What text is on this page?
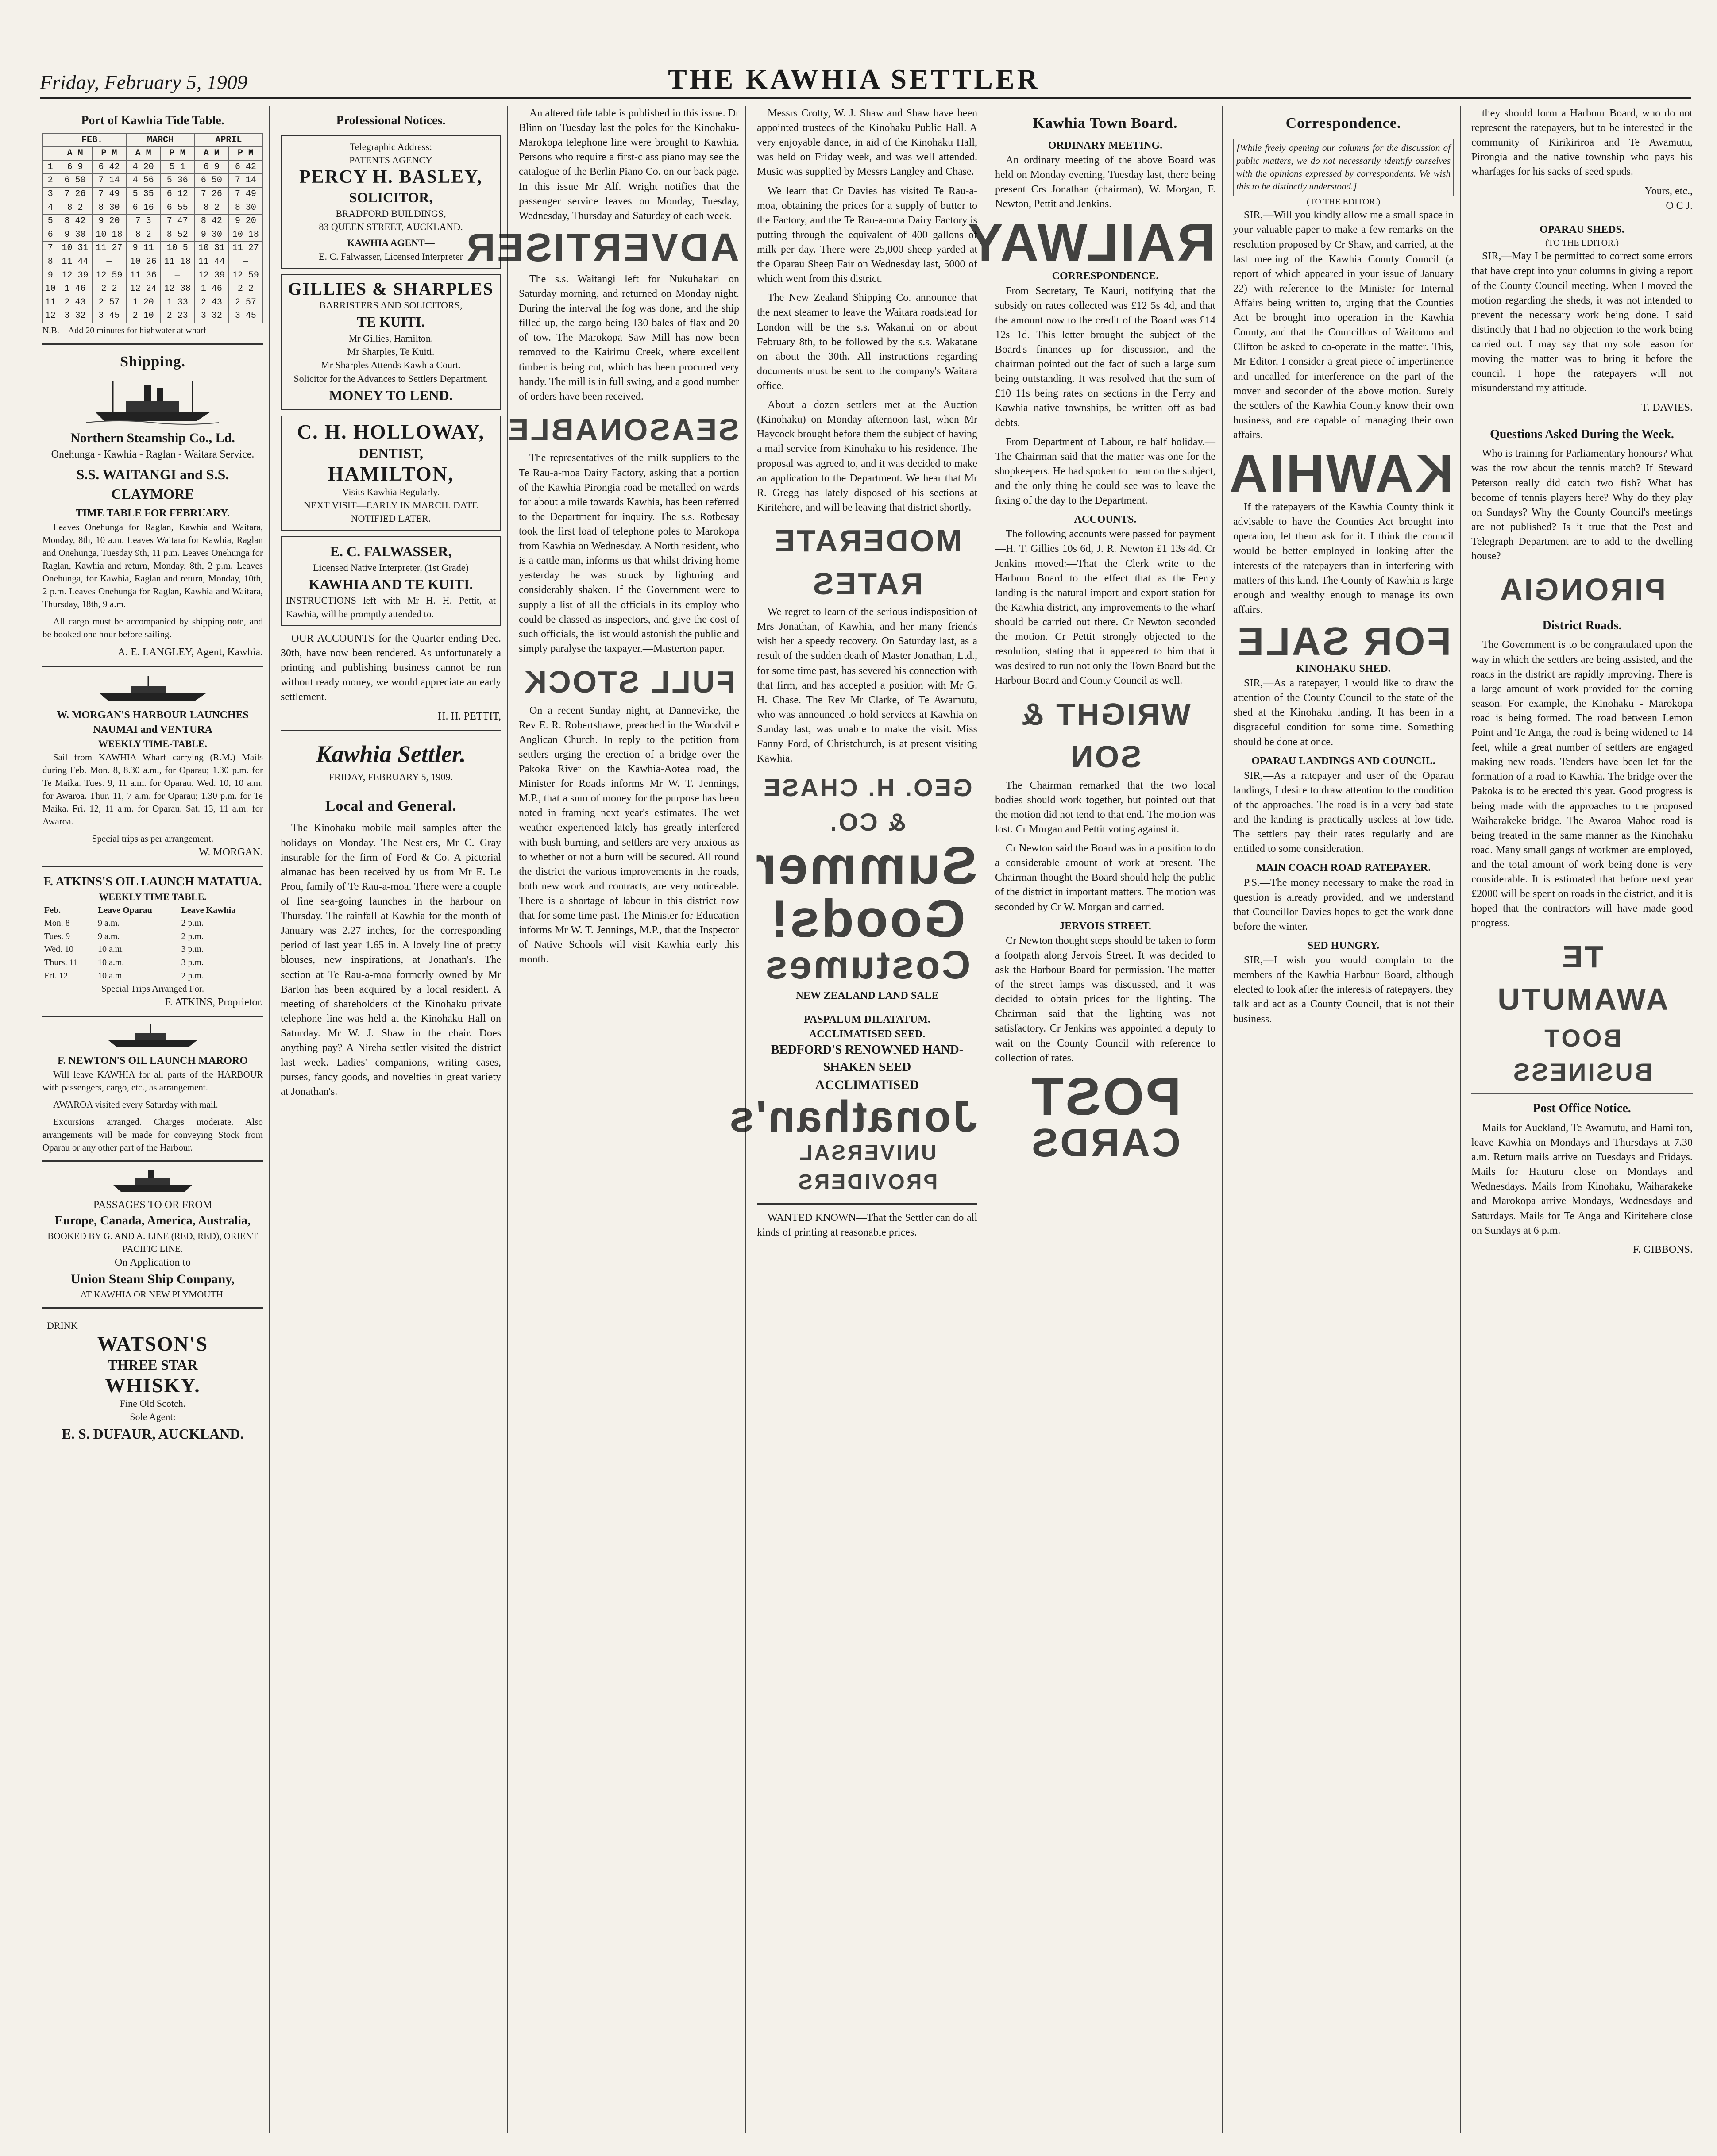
Friday, February 5, 1909	THE KAWHIA SETTLER
Port of Kawhia Tide Table.
	FEB.		MARCH		APRIL	
	A M	P M	A M	P M	A M	P M
1	6 9	6 42	4 20	5 1	6 9	6 42
2	6 50	7 14	4 56	5 36	6 50	7 14
3	7 26	7 49	5 35	6 12	7 26	7 49
4	8 2	8 30	6 16	6 55	8 2	8 30
5	8 42	9 20	7 3	7 47	8 42	9 20
6	9 30	10 18	8 2	8 52	9 30	10 18
7	10 31	11 27	9 11	10 5	10 31	11 27
8	11 44	—	10 26	11 18	11 44	—
9	12 39	12 59	11 36	—	12 39	12 59
10	1 46	2 2	12 24	12 38	1 46	2 2
11	2 43	2 57	1 20	1 33	2 43	2 57
12	3 32	3 45	2 10	2 23	3 32	3 45
N.B.—Add 20 minutes for highwater at wharf
Shipping.
Northern Steamship Co., Ld.
Onehunga - Kawhia - Raglan - Waitara Service.
S.S. WAITANGI and S.S. CLAYMORE
TIME TABLE FOR FEBRUARY.

Leaves Onehunga for Raglan, Kawhia and Waitara, Monday, 8th, 10 a.m. Leaves Waitara for Kawhia, Raglan and Onehunga, Tuesday 9th, 11 p.m. Leaves Onehunga for Raglan, Kawhia and return, Monday, 8th, 2 p.m. Leaves Onehunga, for Kawhia, Raglan and return, Monday, 10th, 2 p.m. Leaves Onehunga for Raglan, Kawhia and Waitara, Thursday, 18th, 9 a.m.

All cargo must be accompanied by shipping note, and be booked one hour before sailing.

A. E. LANGLEY, Agent, Kawhia.
W. MORGAN'S HARBOUR LAUNCHES NAUMAI and VENTURA
WEEKLY TIME-TABLE.

Sail from KAWHIA Wharf carrying (R.M.) Mails during Feb. Mon. 8, 8.30 a.m., for Oparau; 1.30 p.m. for Te Maika. Tues. 9, 11 a.m. for Oparau. Wed. 10, 10 a.m. for Awaroa. Thur. 11, 7 a.m. for Oparau; 1.30 p.m. for Te Maika. Fri. 12, 11 a.m. for Oparau. Sat. 13, 11 a.m. for Awaroa.

Special trips as per arrangement.
W. MORGAN.
F. ATKINS'S OIL LAUNCH MATATUA.
WEEKLY TIME TABLE.
Feb.	Leave Oparau	Leave Kawhia
Mon. 8	9 a.m.	2 p.m.
Tues. 9	9 a.m.	2 p.m.
Wed. 10	10 a.m.	3 p.m.
Thurs. 11	10 a.m.	3 p.m.
Fri. 12	10 a.m.	2 p.m.
Special Trips Arranged For.
F. ATKINS, Proprietor.
F. NEWTON'S OIL LAUNCH MARORO

Will leave KAWHIA for all parts of the HARBOUR with passengers, cargo, etc., as arrangement.

AWAROA visited every Saturday with mail.

Excursions arranged. Charges moderate. Also arrangements will be made for conveying Stock from Oparau or any other part of the Harbour.

PASSAGES TO OR FROM
Europe, Canada, America, Australia,
BOOKED BY G. AND A. LINE (RED, RED), ORIENT PACIFIC LINE.
On Application to
Union Steam Ship Company,
AT KAWHIA OR NEW PLYMOUTH.
DRINK
WATSON'S
THREE STAR
WHISKY.
Fine Old Scotch.
Sole Agent:
E. S. DUFAUR, AUCKLAND.
Professional Notices.
Telegraphic Address:
PATENTS AGENCY
PERCY H. BASLEY,
SOLICITOR,
BRADFORD BUILDINGS,
83 QUEEN STREET, AUCKLAND.
KAWHIA AGENT—
E. C. Falwasser, Licensed Interpreter
GILLIES & SHARPLES
BARRISTERS AND SOLICITORS,
TE KUITI.
Mr Gillies, Hamilton.
Mr Sharples, Te Kuiti.
Mr Sharples Attends Kawhia Court.
Solicitor for the Advances to Settlers Department.
MONEY TO LEND.
C. H. HOLLOWAY,
DENTIST,
HAMILTON,
Visits Kawhia Regularly.
NEXT VISIT—EARLY IN MARCH. DATE NOTIFIED LATER.
E. C. FALWASSER,
Licensed Native Interpreter, (1st Grade)
KAWHIA AND TE KUITI.
INSTRUCTIONS left with Mr H. H. Pettit, at Kawhia, will be promptly attended to.

OUR ACCOUNTS for the Quarter ending Dec. 30th, have now been rendered. As unfortunately a printing and publishing business cannot be run without ready money, we would appreciate an early settlement.

H. H. PETTIT,
Kawhia Settler.
FRIDAY, FEBRUARY 5, 1909.
Local and General.

The Kinohaku mobile mail samples after the holidays on Monday. The Nestlers, Mr C. Gray insurable for the firm of Ford & Co. A pictorial almanac has been received by us from Mr E. Le Prou, family of Te Rau-a-moa. There were a couple of fine sea-going launches in the harbour on Thursday. The rainfall at Kawhia for the month of January was 2.27 inches, for the corresponding period of last year 1.65 in. A lovely line of pretty blouses, new inspirations, at Jonathan's. The section at Te Rau-a-moa formerly owned by Mr Barton has been acquired by a local resident. A meeting of shareholders of the Kinohaku private telephone line was held at the Kinohaku Hall on Saturday. Mr W. J. Shaw in the chair. Does anything pay? A Nireha settler visited the district last week. Ladies' companions, writing cases, purses, fancy goods, and novelties in great variety at Jonathan's.

An altered tide table is published in this issue. Dr Blinn on Tuesday last the poles for the Kinohaku-Marokopa telephone line were brought to Kawhia. Persons who require a first-class piano may see the catalogue of the Berlin Piano Co. on our back page. In this issue Mr Alf. Wright notifies that the passenger service leaves on Monday, Tuesday, Wednesday, Thursday and Saturday of each week.

ADVERTISER

The s.s. Waitangi left for Nukuhakari on Saturday morning, and returned on Monday night. During the interval the fog was done, and the ship filled up, the cargo being 130 bales of flax and 20 of tow. The Marokopa Saw Mill has now been removed to the Kairimu Creek, where excellent timber is being cut, which has been procured very handy. The mill is in full swing, and a good number of orders have been received.

SEASONABLE

The representatives of the milk suppliers to the Te Rau-a-moa Dairy Factory, asking that a portion of the Kawhia Pirongia road be metalled on wards for about a mile towards Kawhia, has been referred to the Department for inquiry. The s.s. Rotbesay took the first load of telephone poles to Marokopa from Kawhia on Wednesday. A North resident, who is a cattle man, informs us that whilst driving home yesterday he was struck by lightning and considerably shaken. If the Government were to supply a list of all the officials in its employ who could be classed as inspectors, and give the cost of such officials, the list would astonish the public and simply paralyse the taxpayer.—Masterton paper.

FULL STOCK

On a recent Sunday night, at Dannevirke, the Rev E. R. Robertshawe, preached in the Woodville Anglican Church. In reply to the petition from settlers urging the erection of a bridge over the Pakoka River on the Kawhia-Aotea road, the Minister for Roads informs Mr W. T. Jennings, M.P., that a sum of money for the purpose has been noted in framing next year's estimates. The wet weather experienced lately has greatly interfered with bush burning, and settlers are very anxious as to whether or not a burn will be secured. All round the district the various improvements in the roads, both new work and contracts, are very noticeable. There is a shortage of labour in this district now that for some time past. The Minister for Education informs Mr W. T. Jennings, M.P., that the Inspector of Native Schools will visit Kawhia early this month.

Messrs Crotty, W. J. Shaw and Shaw have been appointed trustees of the Kinohaku Public Hall. A very enjoyable dance, in aid of the Kinohaku Hall, was held on Friday week, and was well attended. Music was supplied by Messrs Langley and Chase.

We learn that Cr Davies has visited Te Rau-a-moa, obtaining the prices for a supply of butter to the Factory, and the Te Rau-a-moa Dairy Factory is putting through the equivalent of 400 gallons of milk per day. There were 25,000 sheep yarded at the Oparau Sheep Fair on Wednesday last, 5000 of which went from this district.

The New Zealand Shipping Co. announce that the next steamer to leave the Waitara roadstead for London will be the s.s. Wakanui on or about February 8th, to be followed by the s.s. Wakatane on about the 30th. All instructions regarding documents must be sent to the company's Waitara office.

About a dozen settlers met at the Auction (Kinohaku) on Monday afternoon last, when Mr Haycock brought before them the subject of having a mail service from Kinohaku to his residence. The proposal was agreed to, and it was decided to make an application to the Department. We hear that Mr R. Gregg has lately disposed of his sections at Kiritehere, and will be leaving that district shortly.

MODERATE RATES

We regret to learn of the serious indisposition of Mrs Jonathan, of Kawhia, and her many friends wish her a speedy recovery. On Saturday last, as a result of the sudden death of Master Jonathan, Ltd., for some time past, has severed his connection with that firm, and has accepted a position with Mr G. H. Chase. The Rev Mr Clarke, of Te Awamutu, who was announced to hold services at Kawhia on Sunday last, was unable to make the visit. Miss Fanny Ford, of Christchurch, is at present visiting Kawhia.

GEO. H. CHASE & CO.
Summer Goods!
Costumes
NEW ZEALAND LAND SALE
PASPALUM DILATATUM.
ACCLIMATISED SEED.
BEDFORD'S RENOWNED HAND-SHAKEN SEED
ACCLIMATISED
Jonathan's
UNIVERSAL PROVIDERS

WANTED KNOWN—That the Settler can do all kinds of printing at reasonable prices.

Kawhia Town Board.
ORDINARY MEETING.

An ordinary meeting of the above Board was held on Monday evening, Tuesday last, there being present Crs Jonathan (chairman), W. Morgan, F. Newton, Pettit and Jenkins.

RAILWAY
CORRESPONDENCE.

From Secretary, Te Kauri, notifying that the subsidy on rates collected was £12 5s 4d, and that the amount now to the credit of the Board was £14 12s 1d. This letter brought the subject of the Board's finances up for discussion, and the chairman pointed out the fact of such a large sum being outstanding. It was resolved that the sum of £10 11s being rates on sections in the Ferry and Kawhia native townships, be written off as bad debts.

From Department of Labour, re half holiday.—The Chairman said that the matter was one for the shopkeepers. He had spoken to them on the subject, and the only thing he could see was to leave the fixing of the day to the Department.

ACCOUNTS.

The following accounts were passed for payment—H. T. Gillies 10s 6d, J. R. Newton £1 13s 4d. Cr Jenkins moved:—That the Clerk write to the Harbour Board to the effect that as the Ferry landing is the natural import and export station for the Kawhia district, any improvements to the wharf should be carried out there. Cr Newton seconded the motion. Cr Pettit strongly objected to the resolution, stating that it appeared to him that it was desired to run not only the Town Board but the Harbour Board and County Council as well.

WRIGHT & SON

The Chairman remarked that the two local bodies should work together, but pointed out that the motion did not tend to that end. The motion was lost. Cr Morgan and Pettit voting against it.

Cr Newton said the Board was in a position to do a considerable amount of work at present. The Chairman thought the Board should help the public of the district in important matters. The motion was seconded by Cr W. Morgan and carried.

JERVOIS STREET.

Cr Newton thought steps should be taken to form a footpath along Jervois Street. It was decided to ask the Harbour Board for permission. The matter of the street lamps was discussed, and it was decided to obtain prices for the lighting. The Chairman said that the lighting was not satisfactory. Cr Jenkins was appointed a deputy to wait on the County Council with reference to collection of rates.

POST
CARDS
Correspondence.
[While freely opening our columns for the discussion of public matters, we do not necessarily identify ourselves with the opinions expressed by correspondents. We wish this to be distinctly understood.]
(TO THE EDITOR.)

SIR,—Will you kindly allow me a small space in your valuable paper to make a few remarks on the resolution proposed by Cr Shaw, and carried, at the last meeting of the Kawhia County Council (a report of which appeared in your issue of January 22) with reference to the Minister for Internal Affairs being written to, urging that the Counties Act be brought into operation in the Kawhia County, and that the Councillors of Waitomo and Clifton be asked to co-operate in the matter. This, Mr Editor, I consider a great piece of impertinence and uncalled for interference on the part of the mover and seconder of the above motion. Surely the settlers of the Kawhia County know their own business, and are capable of managing their own affairs.

KAWHIA

If the ratepayers of the Kawhia County think it advisable to have the Counties Act brought into operation, let them ask for it. I think the council would be better employed in looking after the interests of the ratepayers than in interfering with matters of this kind. The County of Kawhia is large enough and wealthy enough to manage its own affairs.

FOR SALE
KINOHAKU SHED.

SIR,—As a ratepayer, I would like to draw the attention of the County Council to the state of the shed at the Kinohaku landing. It has been in a disgraceful condition for some time. Something should be done at once.

OPARAU LANDINGS AND COUNCIL.

SIR,—As a ratepayer and user of the Oparau landings, I desire to draw attention to the condition of the approaches. The road is in a very bad state and the landing is practically useless at low tide. The settlers pay their rates regularly and are entitled to some consideration.

MAIN COACH ROAD RATEPAYER.

P.S.—The money necessary to make the road in question is already provided, and we understand that Councillor Davies hopes to get the work done before the winter.

SED HUNGRY.

SIR,—I wish you would complain to the members of the Kawhia Harbour Board, although elected to look after the interests of ratepayers, they talk and act as a County Council, that is not their business.

they should form a Harbour Board, who do not represent the ratepayers, but to be interested in the community of Kirikiriroa and Te Awamutu, Pirongia and the native township who pays his wharfages for his sacks of seed spuds.

Yours, etc.,
O C J.
OPARAU SHEDS.
(TO THE EDITOR.)

SIR,—May I be permitted to correct some errors that have crept into your columns in giving a report of the County Council meeting. When I moved the motion regarding the sheds, it was not intended to prevent the necessary work being done. I said distinctly that I had no objection to the work being carried out. I may say that my sole reason for moving the matter was to bring it before the council. I hope the ratepayers will not misunderstand my attitude.

T. DAVIES.
Questions Asked During the Week.

Who is training for Parliamentary honours? What was the row about the tennis match? If Steward Peterson really did catch two fish? What has become of tennis players here? Why do they play on Sundays? Why the County Council's meetings are not published? Is it true that the Post and Telegraph Department are to add to the dwelling house?

PIRONGIA
District Roads.

The Government is to be congratulated upon the way in which the settlers are being assisted, and the roads in the district are rapidly improving. There is a large amount of work provided for the coming season. For example, the Kinohaku - Marokopa road is being formed. The road between Lemon Point and Te Anga, the road is being widened to 14 feet, while a great number of settlers are engaged making new roads. Tenders have been let for the formation of a road to Kawhia. The bridge over the Pakoka is to be erected this year. Good progress is being made with the approaches to the proposed Waiharakeke bridge. The Awaroa Mahoe road is being treated in the same manner as the Kinohaku road. Many small gangs of workmen are employed, and the total amount of work being done is very considerable. It is estimated that before next year £2000 will be spent on roads in the district, and it is hoped that the contractors will have made good progress.

TE AWAMUTU
BOOT BUSINESS
Post Office Notice.

Mails for Auckland, Te Awamutu, and Hamilton, leave Kawhia on Mondays and Thursdays at 7.30 a.m. Return mails arrive on Tuesdays and Fridays. Mails for Hauturu close on Mondays and Wednesdays. Mails from Kinohaku, Waiharakeke and Marokopa arrive Mondays, Wednesdays and Saturdays. Mails for Te Anga and Kiritehere close on Sundays at 6 p.m.

F. GIBBONS.
